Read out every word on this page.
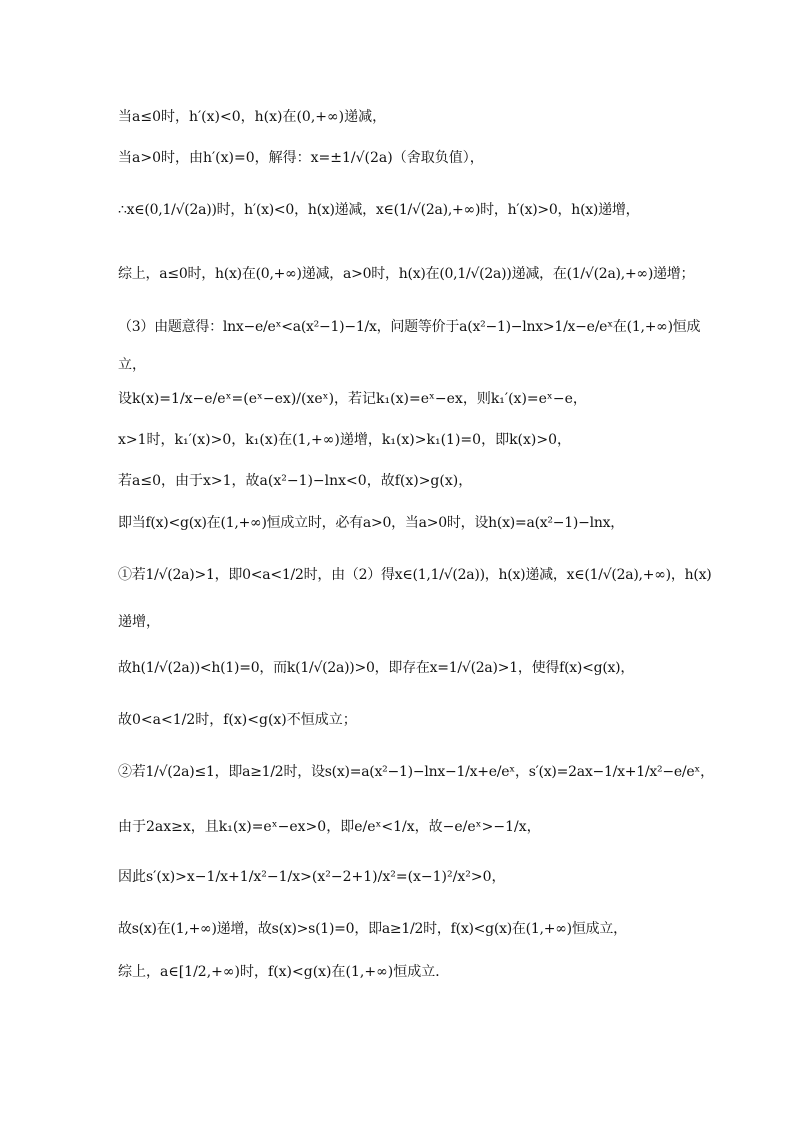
当a≤0时，h′(x)<0，h(x)在(0,+∞)递减，
当a>0时，由h′(x)=0，解得：x=±1/√(2a)（舍取负值），
∴x∈(0,1/√(2a))时，h′(x)<0，h(x)递减，x∈(1/√(2a),+∞)时，h′(x)>0，h(x)递增，
综上，a≤0时，h(x)在(0,+∞)递减，a>0时，h(x)在(0,1/√(2a))递减，在(1/√(2a),+∞)递增；
（3）由题意得：lnx−e/eˣ<a(x²−1)−1/x，问题等价于a(x²−1)−lnx>1/x−e/eˣ在(1,+∞)恒成
立，
设k(x)=1/x−e/eˣ=(eˣ−ex)/(xeˣ)，若记k₁(x)=eˣ−ex，则k₁′(x)=eˣ−e，
x>1时，k₁′(x)>0，k₁(x)在(1,+∞)递增，k₁(x)>k₁(1)=0，即k(x)>0，
若a≤0，由于x>1，故a(x²−1)−lnx<0，故f(x)>g(x)，
即当f(x)<g(x)在(1,+∞)恒成立时，必有a>0，当a>0时，设h(x)=a(x²−1)−lnx，
①若1/√(2a)>1，即0<a<1/2时，由（2）得x∈(1,1/√(2a))，h(x)递减，x∈(1/√(2a),+∞)，h(x)
递增，
故h(1/√(2a))<h(1)=0，而k(1/√(2a))>0，即存在x=1/√(2a)>1，使得f(x)<g(x)，
故0<a<1/2时，f(x)<g(x)不恒成立；
②若1/√(2a)≤1，即a≥1/2时，设s(x)=a(x²−1)−lnx−1/x+e/eˣ，s′(x)=2ax−1/x+1/x²−e/eˣ，
由于2ax≥x，且k₁(x)=eˣ−ex>0，即e/eˣ<1/x，故−e/eˣ>−1/x，
因此s′(x)>x−1/x+1/x²−1/x>(x²−2+1)/x²=(x−1)²/x²>0，
故s(x)在(1,+∞)递增，故s(x)>s(1)=0，即a≥1/2时，f(x)<g(x)在(1,+∞)恒成立，
综上，a∈[1/2,+∞)时，f(x)<g(x)在(1,+∞)恒成立．
